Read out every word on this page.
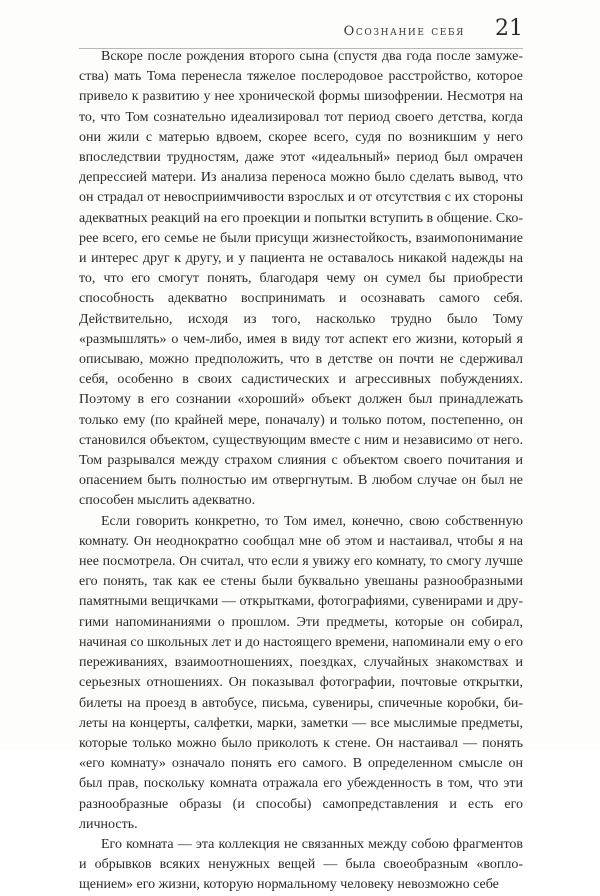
Осознание себя 21

Вскоре после рождения второго сына (спустя два года после замужества) мать Тома перенесла тяжелое послеродовое расстройство, которое привело к развитию у нее хронической формы шизофрении. Несмотря на то, что Том сознательно идеализировал тот период своего детства, когда они жили с матерью вдвоем, скорее всего, судя по возникшим у него впоследствии трудностям, даже этот «идеальный» период был омрачен депрессией матери. Из анализа переноса можно было сделать вывод, что он страдал от невосприимчивости взрослых и от отсутствия с их стороны адекватных реакций на его проекции и попытки вступить в общение. Скорее всего, его семье не были присущи жизнестойкость, взаимопонимание и интерес друг к другу, и у пациента не оставалось никакой надежды на то, что его смогут понять, благодаря чему он сумел бы приобрести способность адекватно воспринимать и осознавать самого себя. Действительно, исходя из того, насколько трудно было Тому «размышлять» о чем-либо, имея в виду тот аспект его жизни, который я описываю, можно предположить, что в детстве он почти не сдерживал себя, особенно в своих садистических и агрессивных побуждениях. Поэтому в его сознании «хороший» объект должен был принадлежать только ему (по крайней мере, поначалу) и только потом, постепенно, он становился объектом, существующим вместе с ним и независимо от него. Том разрывался между страхом слияния с объектом своего почитания и опасением быть полностью им отвергнутым. В любом случае он был не способен мыслить адекватно.

Если говорить конкретно, то Том имел, конечно, свою собственную комнату. Он неоднократно сообщал мне об этом и настаивал, чтобы я на нее посмотрела. Он считал, что если я увижу его комнату, то смогу лучше его понять, так как ее стены были буквально увешаны разнообразными памятными вещичками — открытками, фотографиями, сувенирами и другими напоминаниями о прошлом. Эти предметы, которые он собирал, начиная со школьных лет и до настоящего времени, напоминали ему о его переживаниях, взаимоотношениях, поездках, случайных знакомствах и серьезных отношениях. Он показывал фотографии, почтовые открытки, билеты на проезд в автобусе, письма, сувениры, спичечные коробки, билеты на концерты, салфетки, марки, заметки — все мыслимые предметы, которые только можно было приколоть к стене. Он настаивал — понять «его комнату» означало понять его самого. В определенном смысле он был прав, поскольку комната отражала его убежденность в том, что эти разнообразные образы (и способы) самопредставления и есть его личность.

Его комната — эта коллекция не связанных между собою фрагментов и обрывков всяких ненужных вещей — была своеобразным «воплощением» его жизни, которую нормальному человеку невозможно себе
